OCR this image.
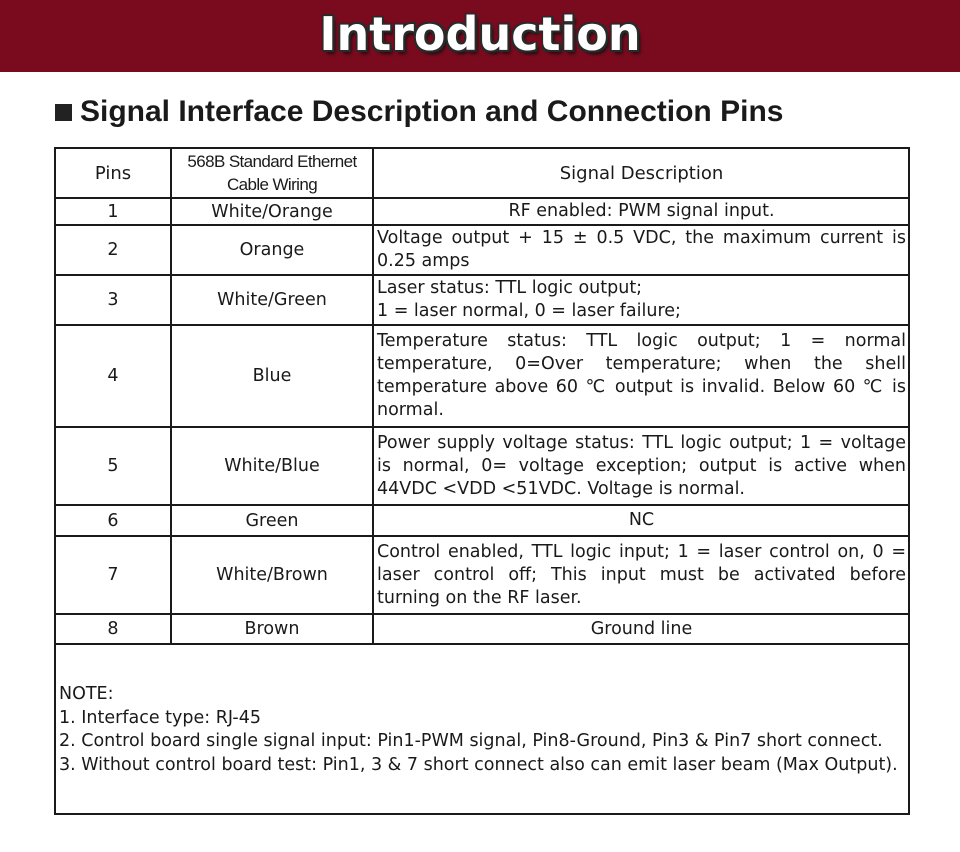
Introduction
Signal Interface Description and Connection Pins
Pins	568B Standard Ethernet Cable Wiring	Signal Description
1	White/Orange	RF enabled: PWM signal input.
2	Orange	Voltage output + 15 ± 0.5 VDC, the maximum current is 0.25 amps
3	White/Green	Laser status: TTL logic output;
1 = laser normal, 0 = laser failure;

4	Blue	Temperature status: TTL logic output; 1 = normal temperature, 0=Over temperature; when the shell temperature above 60 ℃ output is invalid. Below 60 ℃ is normal.
5	White/Blue	Power supply voltage status: TTL logic output; 1 = voltage is normal, 0= voltage exception; output is active when 44VDC <VDD <51VDC. Voltage is normal.
6	Green	NC
7	White/Brown	Control enabled, TTL logic input; 1 = laser control on, 0 = laser control off; This input must be activated before turning on the RF laser.
8	Brown	Ground line

NOTE:
1. Interface type: RJ-45
2. Control board single signal input: Pin1-PWM signal, Pin8-Ground, Pin3 & Pin7 short connect.
3. Without control board test: Pin1, 3 & 7 short connect also can emit laser beam (Max Output).		
